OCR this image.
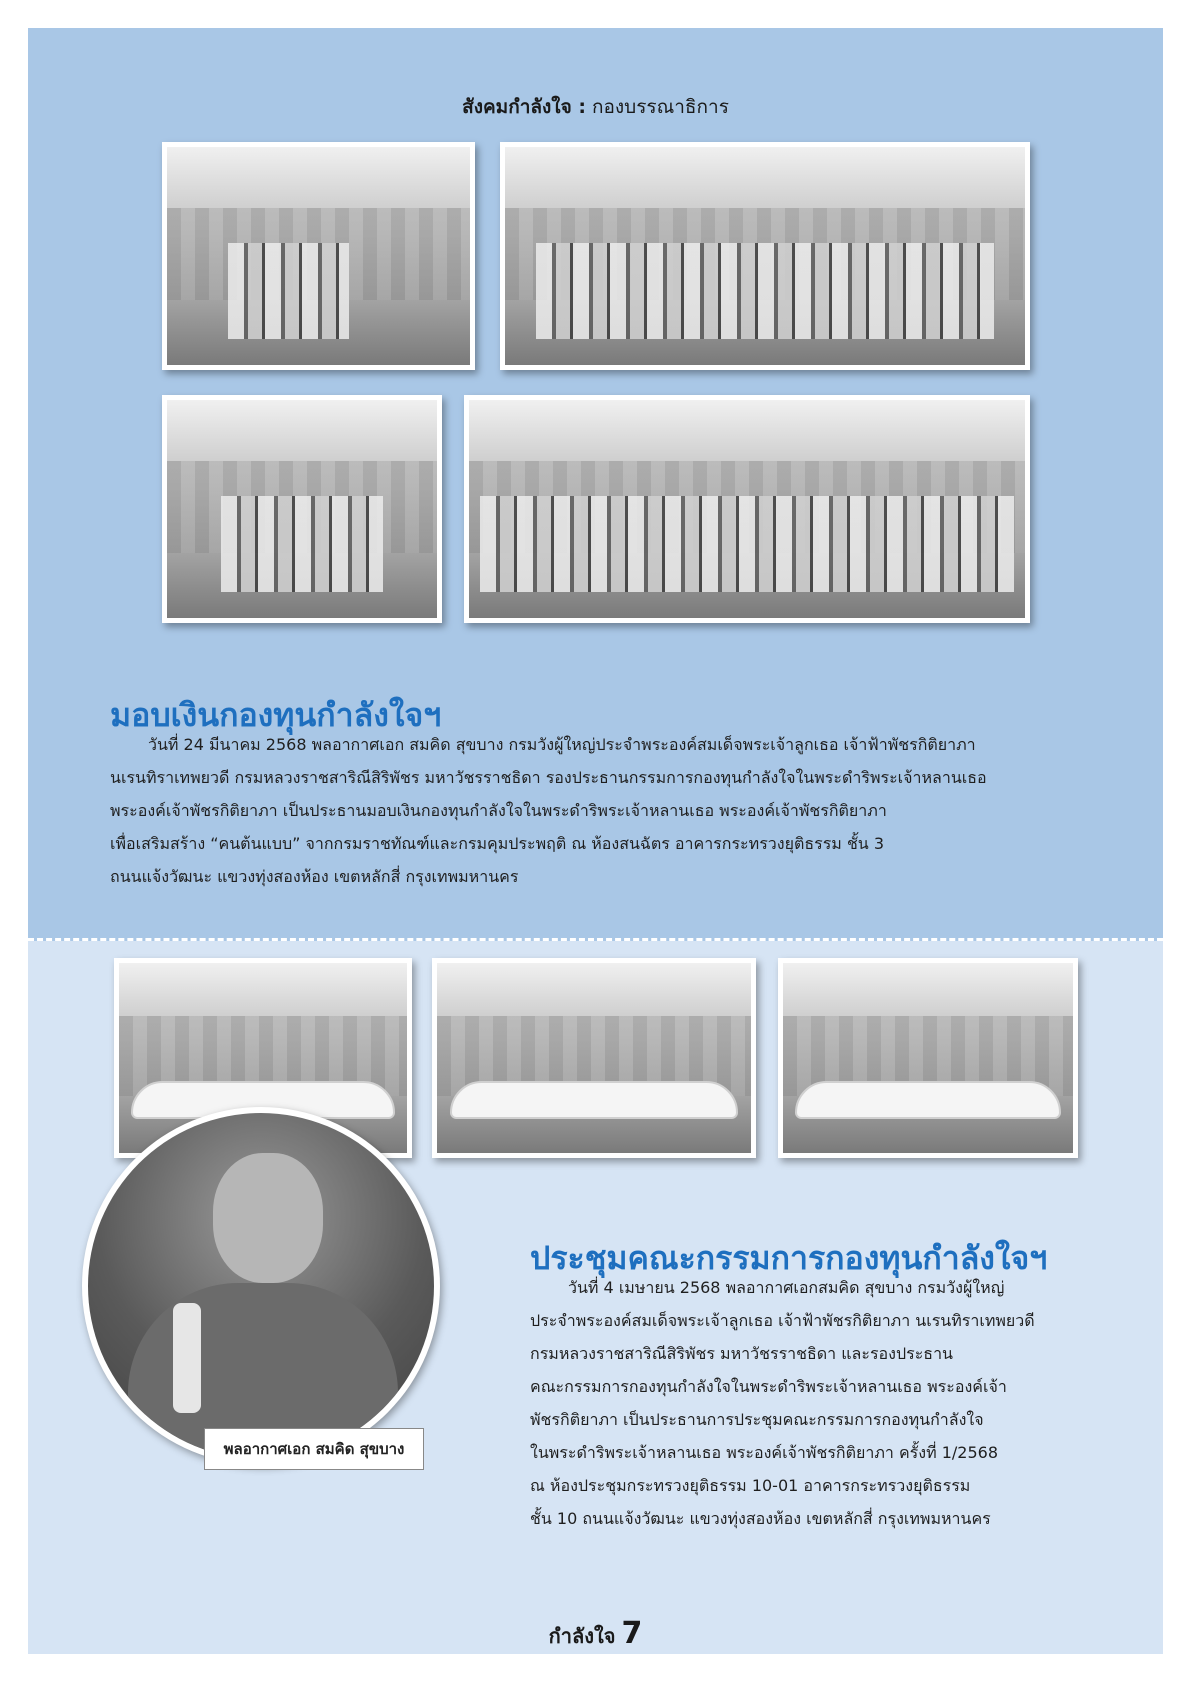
สังคมกำลังใจ : กองบรรณาธิการ
มอบเงินกองทุนกำลังใจฯ
วันที่ 24 มีนาคม 2568 พลอากาศเอก สมคิด สุขบาง กรมวังผู้ใหญ่ประจำพระองค์สมเด็จพระเจ้าลูกเธอ เจ้าฟ้าพัชรกิติยาภา
นเรนทิราเทพยวดี กรมหลวงราชสาริณีสิริพัชร มหาวัชรราชธิดา รองประธานกรรมการกองทุนกำลังใจในพระดำริพระเจ้าหลานเธอ
พระองค์เจ้าพัชรกิติยาภา เป็นประธานมอบเงินกองทุนกำลังใจในพระดำริพระเจ้าหลานเธอ พระองค์เจ้าพัชรกิติยาภา
เพื่อเสริมสร้าง “คนต้นแบบ” จากกรมราชทัณฑ์และกรมคุมประพฤติ ณ ห้องสนฉัตร อาคารกระทรวงยุติธรรม ชั้น 3
ถนนแจ้งวัฒนะ แขวงทุ่งสองห้อง เขตหลักสี่ กรุงเทพมหานคร
พลอากาศเอก สมคิด สุขบาง
ประชุมคณะกรรมการกองทุนกำลังใจฯ
วันที่ 4 เมษายน 2568 พลอากาศเอกสมคิด สุขบาง กรมวังผู้ใหญ่
ประจำพระองค์สมเด็จพระเจ้าลูกเธอ เจ้าฟ้าพัชรกิติยาภา นเรนทิราเทพยวดี
กรมหลวงราชสาริณีสิริพัชร มหาวัชรราชธิดา และรองประธาน
คณะกรรมการกองทุนกำลังใจในพระดำริพระเจ้าหลานเธอ พระองค์เจ้า
พัชรกิติยาภา เป็นประธานการประชุมคณะกรรมการกองทุนกำลังใจ
ในพระดำริพระเจ้าหลานเธอ พระองค์เจ้าพัชรกิติยาภา ครั้งที่ 1/2568
ณ ห้องประชุมกระทรวงยุติธรรม 10-01 อาคารกระทรวงยุติธรรม
ชั้น 10 ถนนแจ้งวัฒนะ แขวงทุ่งสองห้อง เขตหลักสี่ กรุงเทพมหานคร
กำลังใจ 7
